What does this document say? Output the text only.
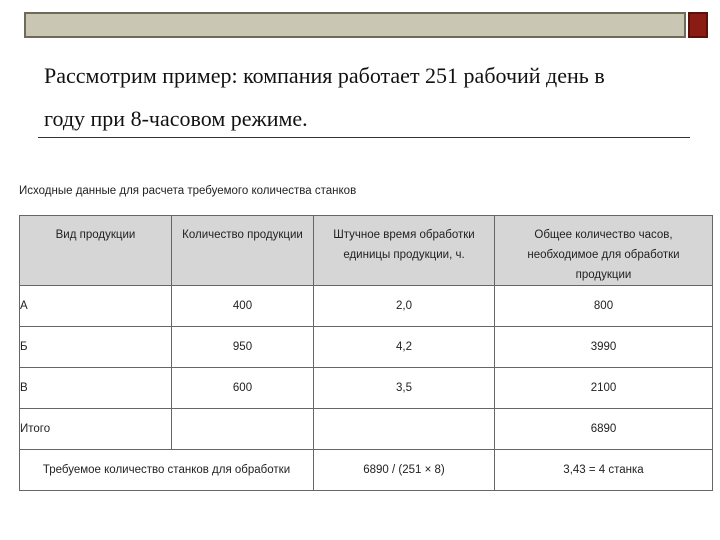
Рассмотрим пример: компания работает 251 рабочий день в
году при 8-часовом режиме.
Исходные данные для расчета требуемого количества станков
Вид продукции	Количество продукции	Штучное время обработки единицы продукции, ч.	Общее количество часов, необходимое для обработки продукции
А	400	2,0	800
Б	950	4,2	3990
В	600	3,5	2100
Итого			6890
Требуемое количество станков для обработки		6890 / (251 × 8)	3,43 = 4 станка
